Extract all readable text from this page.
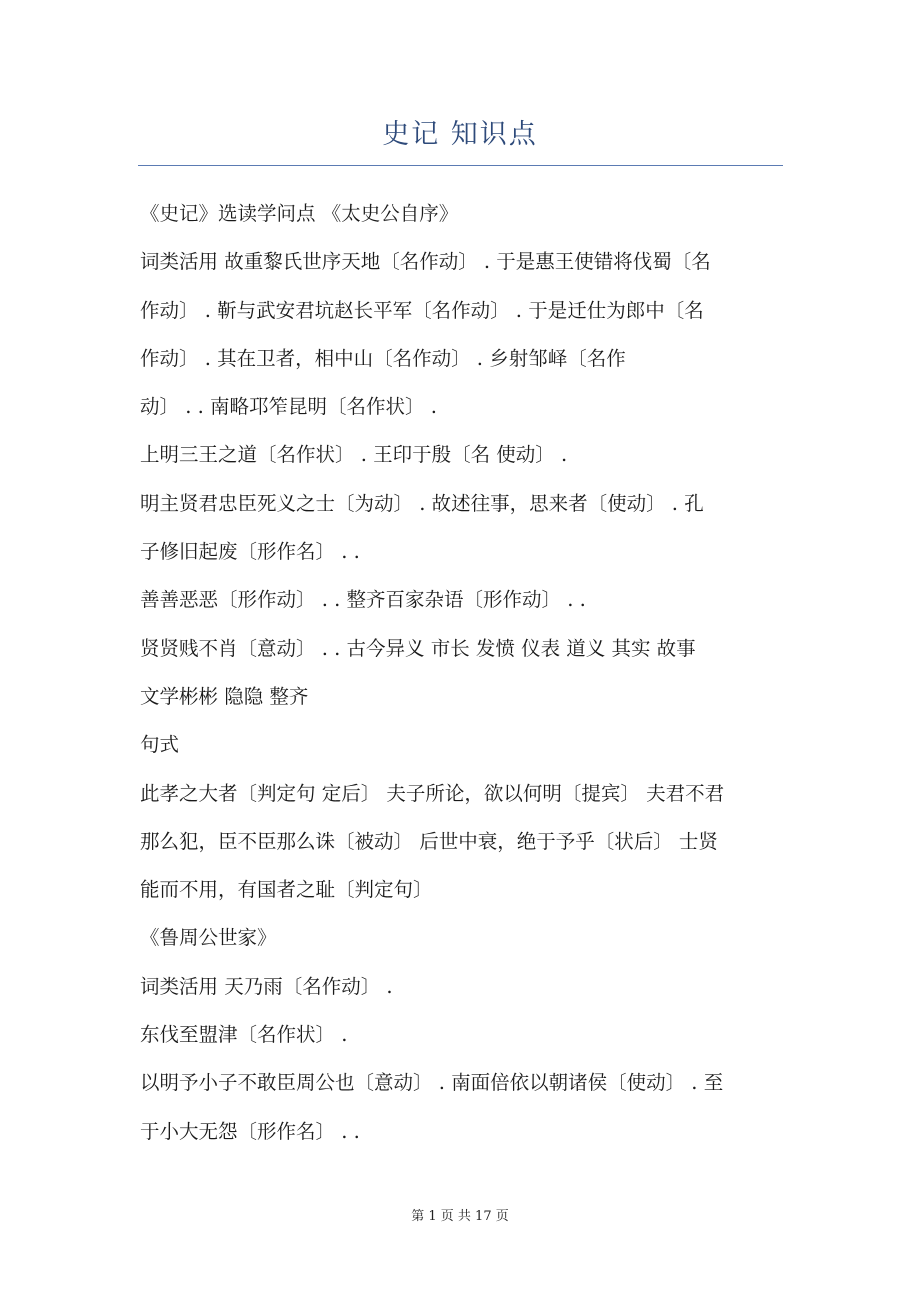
史记 知识点
《史记》选读学问点 《太史公自序》
词类活用 故重黎氏世序天地〔名作动〕 . 于是惠王使错将伐蜀〔名
作动〕 . 靳与武安君坑赵长平军〔名作动〕 . 于是迁仕为郎中〔名
作动〕 . 其在卫者，相中山〔名作动〕 . 乡射邹峄〔名作
动〕 . . 南略邛笮昆明〔名作状〕 .
上明三王之道〔名作状〕 . 王印于殷〔名 使动〕 .
明主贤君忠臣死义之士〔为动〕 . 故述往事，思来者〔使动〕 . 孔
子修旧起废〔形作名〕 . .
善善恶恶〔形作动〕 . . 整齐百家杂语〔形作动〕 . .
贤贤贱不肖〔意动〕 . . 古今异义 市长 发愤 仪表 道义 其实 故事
文学彬彬 隐隐 整齐
句式
此孝之大者〔判定句 定后〕 夫子所论，欲以何明〔提宾〕 夫君不君
那么犯，臣不臣那么诛〔被动〕 后世中衰，绝于予乎〔状后〕 士贤
能而不用，有国者之耻〔判定句〕
《鲁周公世家》
词类活用 天乃雨〔名作动〕 .
东伐至盟津〔名作状〕 .
以明予小子不敢臣周公也〔意动〕 . 南面倍依以朝诸侯〔使动〕 . 至
于小大无怨〔形作名〕 . .
第 1 页 共 17 页
